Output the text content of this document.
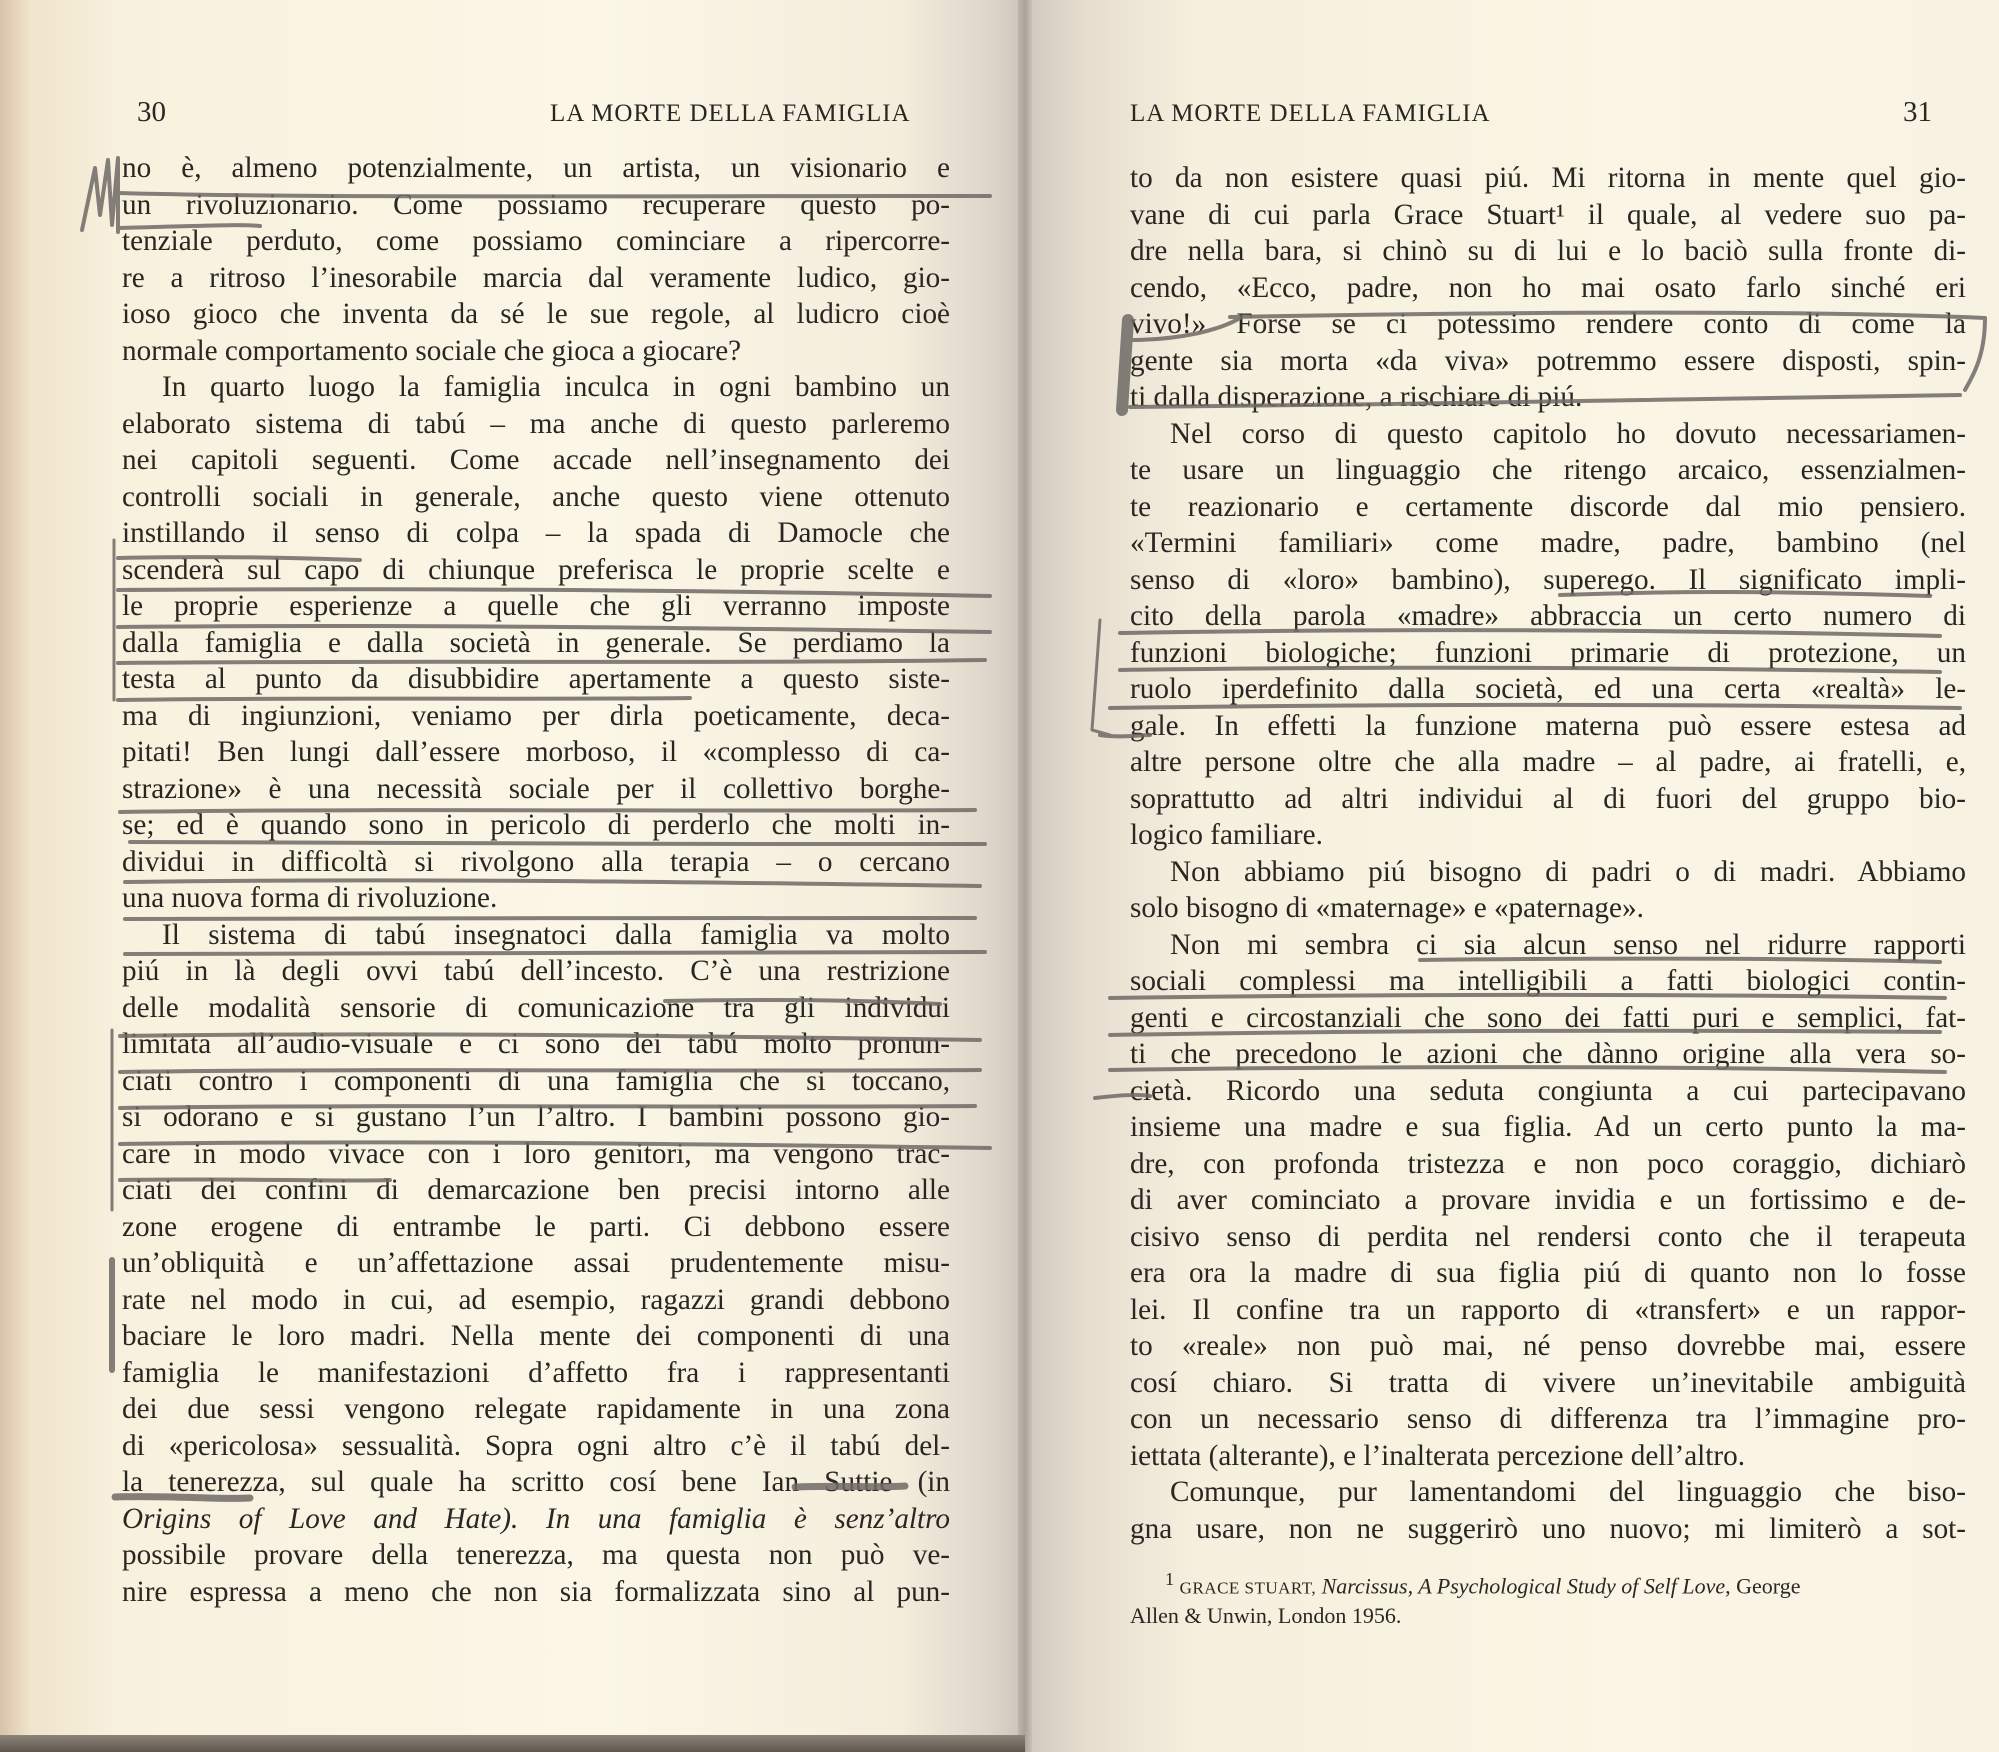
30	LA MORTE DELLA FAMIGLIA
no è, almeno potenzialmente, un artista, un visionario e
un rivoluzionario. Come possiamo recuperare questo po-
tenziale perduto, come possiamo cominciare a ripercorre-
re a ritroso l’inesorabile marcia dal veramente ludico, gio-
ioso gioco che inventa da sé le sue regole, al ludicro cioè
normale comportamento sociale che gioca a giocare?
In quarto luogo la famiglia inculca in ogni bambino un
elaborato sistema di tabú – ma anche di questo parleremo
nei capitoli seguenti. Come accade nell’insegnamento dei
controlli sociali in generale, anche questo viene ottenuto
instillando il senso di colpa – la spada di Damocle che
scenderà sul capo di chiunque preferisca le proprie scelte e
le proprie esperienze a quelle che gli verranno imposte
dalla famiglia e dalla società in generale. Se perdiamo la
testa al punto da disubbidire apertamente a questo siste-
ma di ingiunzioni, veniamo per dirla poeticamente, deca-
pitati! Ben lungi dall’essere morboso, il «complesso di ca-
strazione» è una necessità sociale per il collettivo borghe-
se; ed è quando sono in pericolo di perderlo che molti in-
dividui in difficoltà si rivolgono alla terapia – o cercano
una nuova forma di rivoluzione.
Il sistema di tabú insegnatoci dalla famiglia va molto
piú in là degli ovvi tabú dell’incesto. C’è una restrizione
delle modalità sensorie di comunicazione tra gli individui
limitata all’audio-visuale e ci sono dei tabú molto pronun-
ciati contro i componenti di una famiglia che si toccano,
si odorano e si gustano l’un l’altro. I bambini possono gio-
care in modo vivace con i loro genitori, ma vengono trac-
ciati dei confini di demarcazione ben precisi intorno alle
zone erogene di entrambe le parti. Ci debbono essere
un’obliquità e un’affettazione assai prudentemente misu-
rate nel modo in cui, ad esempio, ragazzi grandi debbono
baciare le loro madri. Nella mente dei componenti di una
famiglia le manifestazioni d’affetto fra i rappresentanti
dei due sessi vengono relegate rapidamente in una zona
di «pericolosa» sessualità. Sopra ogni altro c’è il tabú del-
la tenerezza, sul quale ha scritto cosí bene Ian Suttie (in
Origins of Love and Hate). In una famiglia è senz’altro
possibile provare della tenerezza, ma questa non può ve-
nire espressa a meno che non sia formalizzata sino al pun-
LA MORTE DELLA FAMIGLIA	31
to da non esistere quasi piú. Mi ritorna in mente quel gio-
vane di cui parla Grace Stuart¹ il quale, al vedere suo pa-
dre nella bara, si chinò su di lui e lo baciò sulla fronte di-
cendo, «Ecco, padre, non ho mai osato farlo sinché eri
vivo!» Forse se ci potessimo rendere conto di come la
gente sia morta «da viva» potremmo essere disposti, spin-
ti dalla disperazione, a rischiare di piú.
Nel corso di questo capitolo ho dovuto necessariamen-
te usare un linguaggio che ritengo arcaico, essenzialmen-
te reazionario e certamente discorde dal mio pensiero.
«Termini familiari» come madre, padre, bambino (nel
senso di «loro» bambino), superego. Il significato impli-
cito della parola «madre» abbraccia un certo numero di
funzioni biologiche; funzioni primarie di protezione, un
ruolo iperdefinito dalla società, ed una certa «realtà» le-
gale. In effetti la funzione materna può essere estesa ad
altre persone oltre che alla madre – al padre, ai fratelli, e,
soprattutto ad altri individui al di fuori del gruppo bio-
logico familiare.
Non abbiamo piú bisogno di padri o di madri. Abbiamo
solo bisogno di «maternage» e «paternage».
Non mi sembra ci sia alcun senso nel ridurre rapporti
sociali complessi ma intelligibili a fatti biologici contin-
genti e circostanziali che sono dei fatti puri e semplici, fat-
ti che precedono le azioni che dànno origine alla vera so-
cietà. Ricordo una seduta congiunta a cui partecipavano
insieme una madre e sua figlia. Ad un certo punto la ma-
dre, con profonda tristezza e non poco coraggio, dichiarò
di aver cominciato a provare invidia e un fortissimo e de-
cisivo senso di perdita nel rendersi conto che il terapeuta
era ora la madre di sua figlia piú di quanto non lo fosse
lei. Il confine tra un rapporto di «transfert» e un rappor-
to «reale» non può mai, né penso dovrebbe mai, essere
cosí chiaro. Si tratta di vivere un’inevitabile ambiguità
con un necessario senso di differenza tra l’immagine pro-
iettata (alterante), e l’inalterata percezione dell’altro.
Comunque, pur lamentandomi del linguaggio che biso-
gna usare, non ne suggerirò uno nuovo; mi limiterò a sot-
$^1$ GRACE STUART, Narcissus, A Psychological Study of Self Love, George
Allen & Unwin, London 1956.
